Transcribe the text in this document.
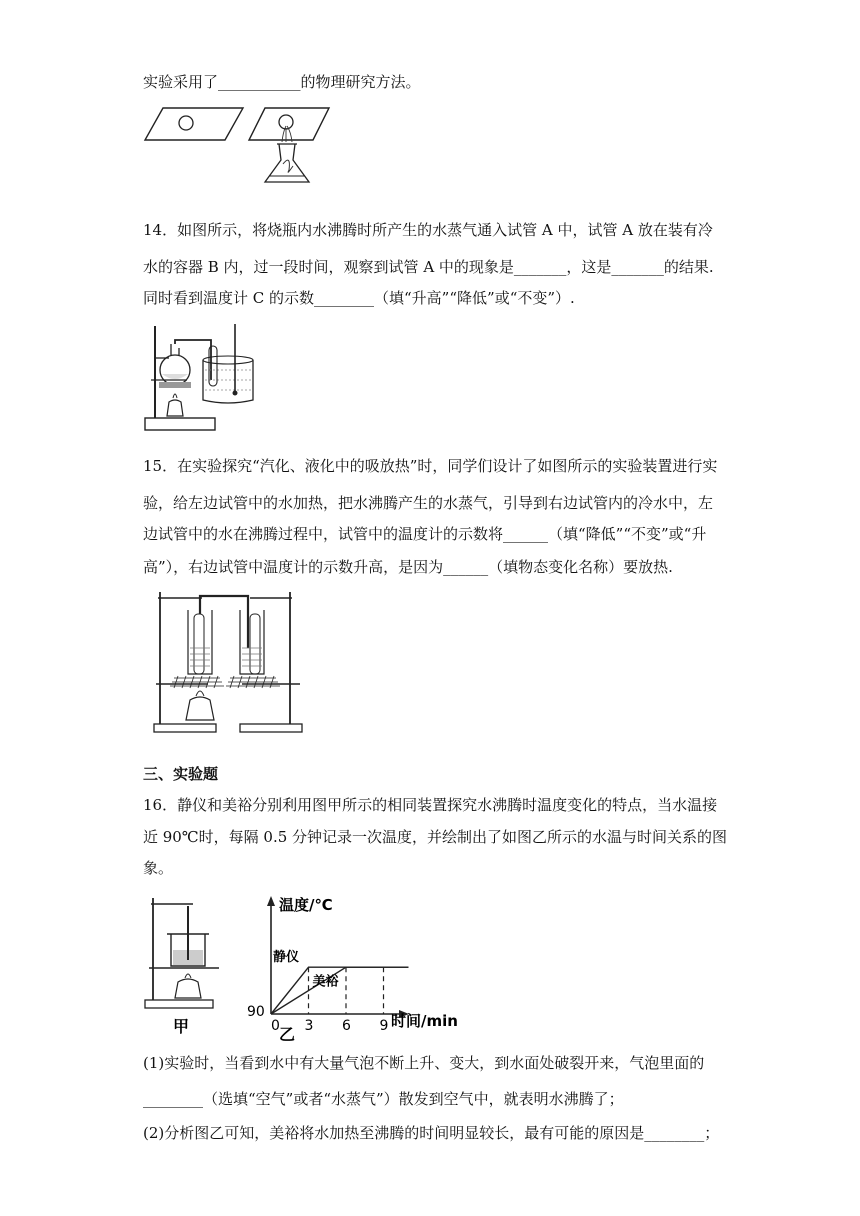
实验采用了___________的物理研究方法。
14．如图所示，将烧瓶内水沸腾时所产生的水蒸气通入试管 A 中，试管 A 放在装有冷
水的容器 B 内，过一段时间，观察到试管 A 中的现象是_______，这是_______的结果.
同时看到温度计 C 的示数________（填“升高”“降低”或“不变”）.
15．在实验探究“汽化、液化中的吸放热”时，同学们设计了如图所示的实验装置进行实
验，给左边试管中的水加热，把水沸腾产生的水蒸气，引导到右边试管内的冷水中，左
边试管中的水在沸腾过程中，试管中的温度计的示数将______（填“降低”“不变”或“升
高”），右边试管中温度计的示数升高，是因为______（填物态变化名称）要放热.
三、实验题
16．静仪和美裕分别利用图甲所示的相同装置探究水沸腾时温度变化的特点，当水温接
近 90℃时，每隔 0.5 分钟记录一次温度，并绘制出了如图乙所示的水温与时间关系的图
象。
甲
温度/℃
时间/min
90
0 3 6 9
静仪
美裕
乙
(1)实验时，当看到水中有大量气泡不断上升、变大，到水面处破裂开来，气泡里面的
________（选填“空气”或者“水蒸气”）散发到空气中，就表明水沸腾了；
(2)分析图乙可知，美裕将水加热至沸腾的时间明显较长，最有可能的原因是________；
